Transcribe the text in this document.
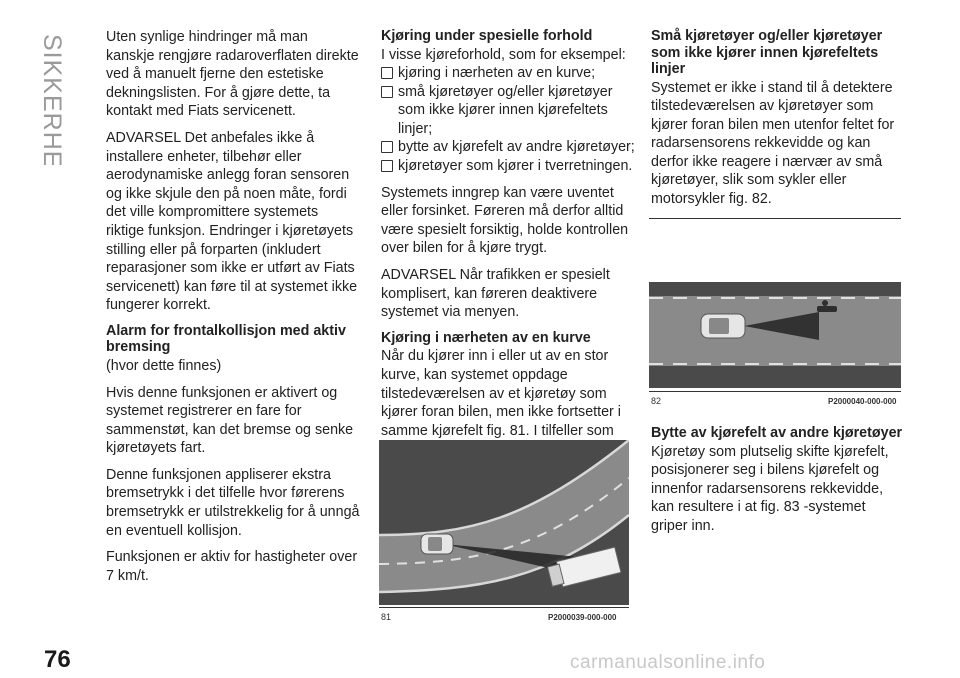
SIKKERHET	Uten synlige hindringer må man kanskje rengjøre radaroverflaten direkte ved å manuelt fjerne den estetiske dekningslisten. For å gjøre dette, ta kontakt med Fiats servicenett.

ADVARSEL Det anbefales ikke å installere enheter, tilbehør eller aerodynamiske anlegg foran sensoren og ikke skjule den på noen måte, fordi det ville kompromittere systemets riktige funksjon. Endringer i kjøretøyets stilling eller på forparten (inkludert reparasjoner som ikke er utført av Fiats servicenett) kan føre til at systemet ikke fungerer korrekt.

Alarm for frontalkollisjon med aktiv bremsing

(hvor dette finnes)

Hvis denne funksjonen er aktivert og systemet registrerer en fare for sammenstøt, kan det bremse og senke kjøretøyets fart.

Denne funksjonen appliserer ekstra bremsetrykk i det tilfelle hvor førerens bremsetrykk er utilstrekkelig for å unngå en eventuell kollisjon.

Funksjonen er aktiv for hastigheter over 7 km/t.

Kjøring under spesielle forhold

I visse kjøreforhold, som for eksempel:

kjøring i nærheten av en kurve;
små kjøretøyer og/eller kjøretøyer som ikke kjører innen kjørefeltets linjer;
bytte av kjørefelt av andre kjøretøyer;
kjøretøyer som kjører i tverretningen.

Systemets inngrep kan være uventet eller forsinket. Føreren må derfor alltid være spesielt forsiktig, holde kontrollen over bilen for å kjøre trygt.

ADVARSEL Når trafikken er spesielt komplisert, kan føreren deaktivere systemet via menyen.

Kjøring i nærheten av en kurve

Når du kjører inn i eller ut av en stor kurve, kan systemet oppdage tilstedeværelsen av et kjøretøy som kjører foran bilen, men ikke fortsetter i samme kjørefelt fig. 81. I tilfeller som

81	P2000039-000-000
Små kjøretøyer og/eller kjøretøyer som ikke kjører innen kjørefeltets linjer

Systemet er ikke i stand til å detektere tilstedeværelsen av kjøretøyer som kjører foran bilen men utenfor feltet for radarsensorens rekkevidde og kan derfor ikke reagere i nærvær av små kjøretøyer, slik som sykler eller motorsykler fig. 82.

82	P2000040-000-000
Bytte av kjørefelt av andre kjøretøyer

Kjøretøy som plutselig skifte kjørefelt, posisjonerer seg i bilens kjørefelt og innenfor radarsensorens rekkevidde, kan resultere i at fig. 83 -systemet griper inn.

76	carmanualsonline.info
